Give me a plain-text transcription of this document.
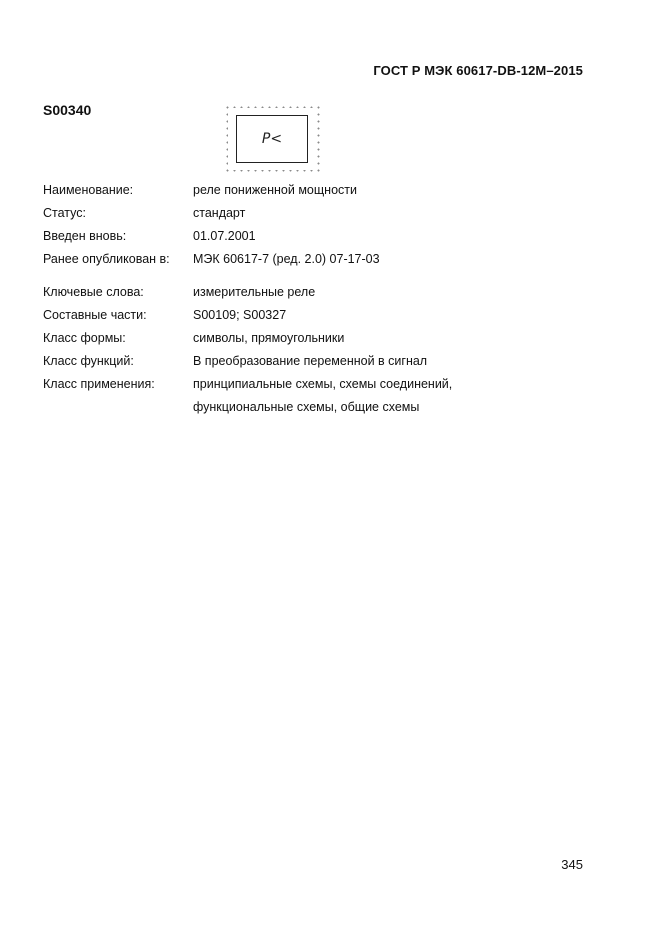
ГОСТ Р МЭК 60617-DB-12M–2015
S00340
P<
Наименование:	реле пониженной мощности
Статус:	стандарт
Введен вновь:	01.07.2001
Ранее опубликован в:	МЭК 60617-7 (ред. 2.0) 07-17-03
Ключевые слова:	измерительные реле
Составные части:	S00109; S00327
Класс формы:	символы, прямоугольники
Класс функций:	B преобразование переменной в сигнал
Класс применения:	принципиальные схемы, схемы соединений,
функциональные схемы, общие схемы
345
